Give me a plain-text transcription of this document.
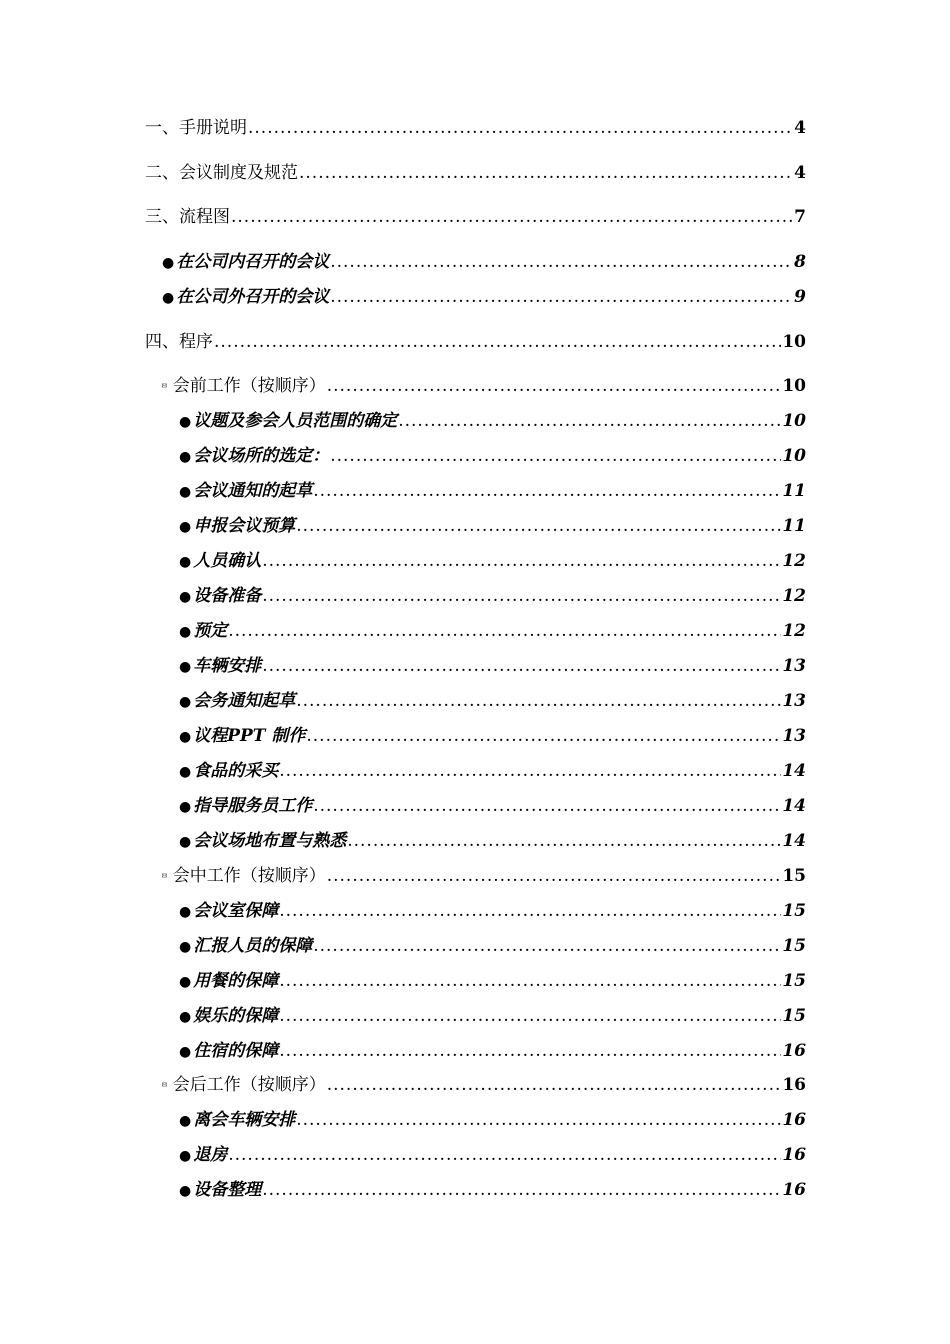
一、手册说明 .....	4
二、会议制度及规范 .....	4
三、流程图 .....	7
● 在公司内召开的会议 .....	8
● 在公司外召开的会议 .....	9
四、程序 .....	10
会前工作（按顺序） .....	10
● 议题及参会人员范围的确定 .....	10
● 会议场所的选定： .....	10
● 会议通知的起草 .....	11
● 申报会议预算 .....	11
● 人员确认 .....	12
● 设备准备 .....	12
● 预定 .....	12
● 车辆安排 .....	13
● 会务通知起草 .....	13
● 议程PPT 制作 .....	13
● 食品的采买 .....	14
● 指导服务员工作 .....	14
● 会议场地布置与熟悉 .....	14
会中工作（按顺序） .....	15
● 会议室保障 .....	15
● 汇报人员的保障 .....	15
● 用餐的保障 .....	15
● 娱乐的保障 .....	15
● 住宿的保障 .....	16
会后工作（按顺序） .....	16
● 离会车辆安排 .....	16
● 退房 .....	16
● 设备整理 .....	16
